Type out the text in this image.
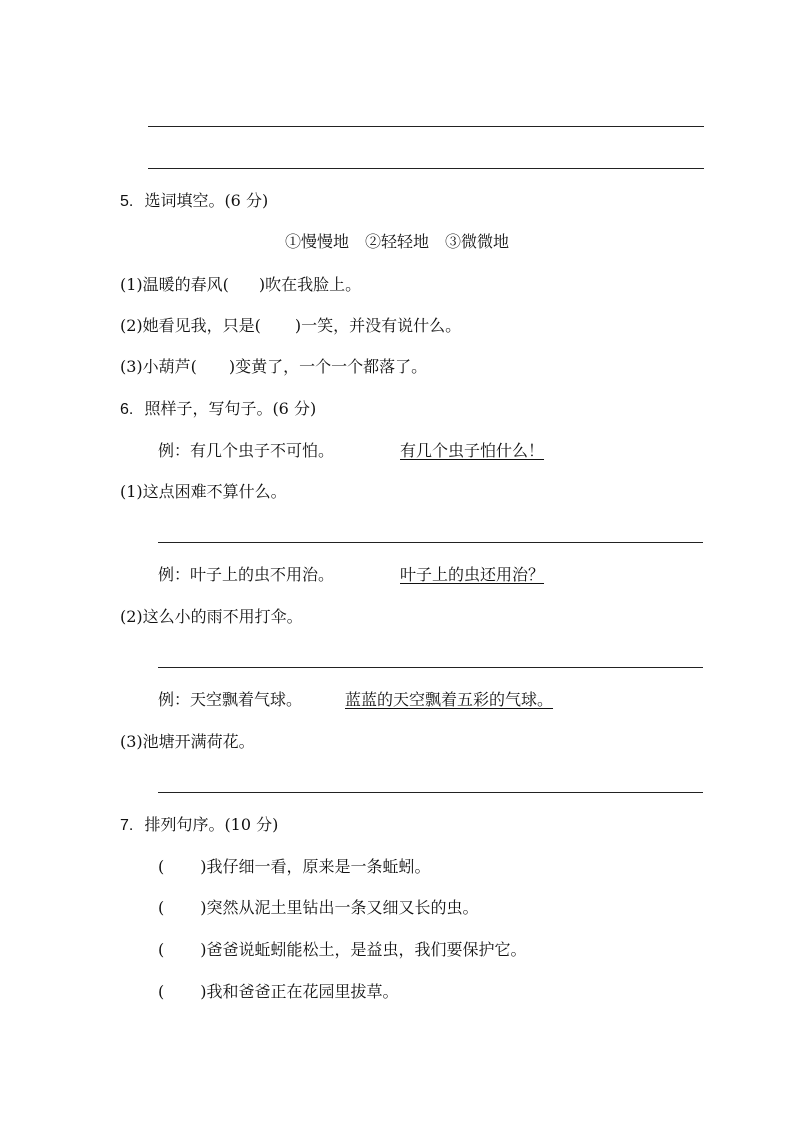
5. 选词填空。(6 分)
①慢慢地　②轻轻地　③微微地
(1)温暖的春风( )吹在我脸上。
(2)她看见我，只是( )一笑，并没有说什么。
(3)小葫芦( )变黄了，一个一个都落了。
6. 照样子，写句子。(6 分)
例：有几个虫子不可怕。	有几个虫子怕什么！
(1)这点困难不算什么。
例：叶子上的虫不用治。	叶子上的虫还用治？
(2)这么小的雨不用打伞。
例：天空飘着气球。	蓝蓝的天空飘着五彩的气球。
(3)池塘开满荷花。
7. 排列句序。(10 分)
( )我仔细一看，原来是一条蚯蚓。
( )突然从泥土里钻出一条又细又长的虫。
( )爸爸说蚯蚓能松土，是益虫，我们要保护它。
( )我和爸爸正在花园里拔草。
